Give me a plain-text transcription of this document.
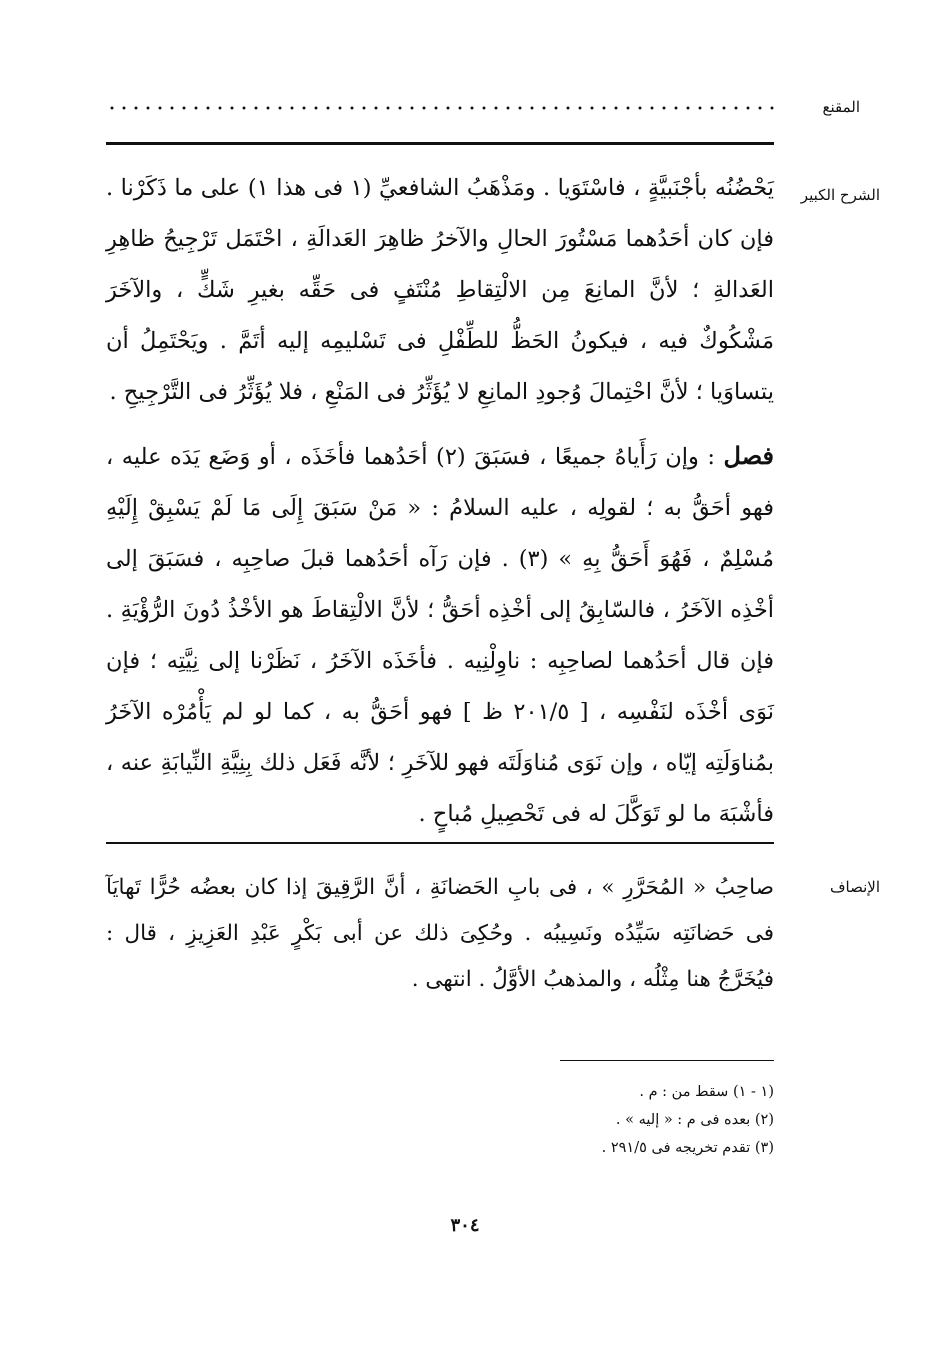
المقنع
الشرح الكبير
يَحْضُنُه بأجْنَبيَّةٍ ، فاسْتَوَيا . ومَذْهَبُ الشافعيِّ (١ فى هذا ١) على ما ذَكَرْنا . فإن كان أحَدُهما مَسْتُورَ الحالِ والآخرُ ظاهِرَ العَدالَةِ ، احْتَمَل تَرْجِيحُ ظاهِرِ العَدالةِ ؛ لأنَّ المانِعَ مِن الالْتِقاطِ مُنْتَفٍ فى حَقِّه بغيرِ شَكٍّ ، والآخَرَ مَشْكُوكٌ فيه ، فيكونُ الحَظُّ للطِّفْلِ فى تَسْليمِه إليه أتَمَّ . ويَحْتَمِلُ أن يتساوَيا ؛ لأنَّ احْتِمالَ وُجودِ المانِعِ لا يُؤَثِّرُ فى المَنْعِ ، فلا يُؤَثِّرُ فى التَّرْجِيحِ .
فصل : وإن رَأَياهُ جميعًا ، فسَبَقَ (٢) أحَدُهما فأخَذَه ، أو وَضَع يَدَه عليه ، فهو أحَقُّ به ؛ لقولِه ، عليه السلامُ : « مَنْ سَبَقَ إِلَى مَا لَمْ يَسْبِقْ إِلَيْهِ مُسْلِمٌ ، فَهُوَ أَحَقُّ بِهِ » (٣) . فإن رَآه أحَدُهما قبلَ صاحِبِه ، فسَبَقَ إلى أخْذِه الآخَرُ ، فالسّابِقُ إلى أخْذِه أحَقُّ ؛ لأنَّ الالْتِقاطَ هو الأخْذُ دُونَ الرُّؤْيَةِ . فإن قال أحَدُهما لصاحِبِه : ناوِلْنِيه . فأخَذَه الآخَرُ ، نَظَرْنا إلى نِيَّتِه ؛ فإن نَوَى أخْذَه لنَفْسِه ، [ ٢٠١/٥ ظ ] فهو أحَقُّ به ، كما لو لم يَأْمُرْه الآخَرُ بمُناوَلَتِه إيّاه ، وإن نَوَى مُناوَلَتَه فهو للآخَرِ ؛ لأنَّه فَعَل ذلك بِنِيَّةِ النِّيابَةِ عنه ، فأشْبَهَ ما لو تَوَكَّلَ له فى تَحْصِيلِ مُباحٍ .
الإنصاف
صاحِبُ « المُحَرَّرِ » ، فى بابِ الحَضانَةِ ، أنَّ الرَّقِيقَ إذا كان بعضُه حُرًّا تَهايَآ فى حَضانَتِه سَيِّدُه ونَسِيبُه . وحُكِىَ ذلك عن أبى بَكْرٍ عَبْدِ العَزِيزِ ، قال : فيُخَرَّجُ هنا مِثْلُه ، والمذهبُ الأوَّلُ . انتهى .
(١ - ١) سقط من : م .
(٢) بعده فى م : « إليه » .
(٣) تقدم تخريجه فى ٢٩١/٥ .
٣٠٤
